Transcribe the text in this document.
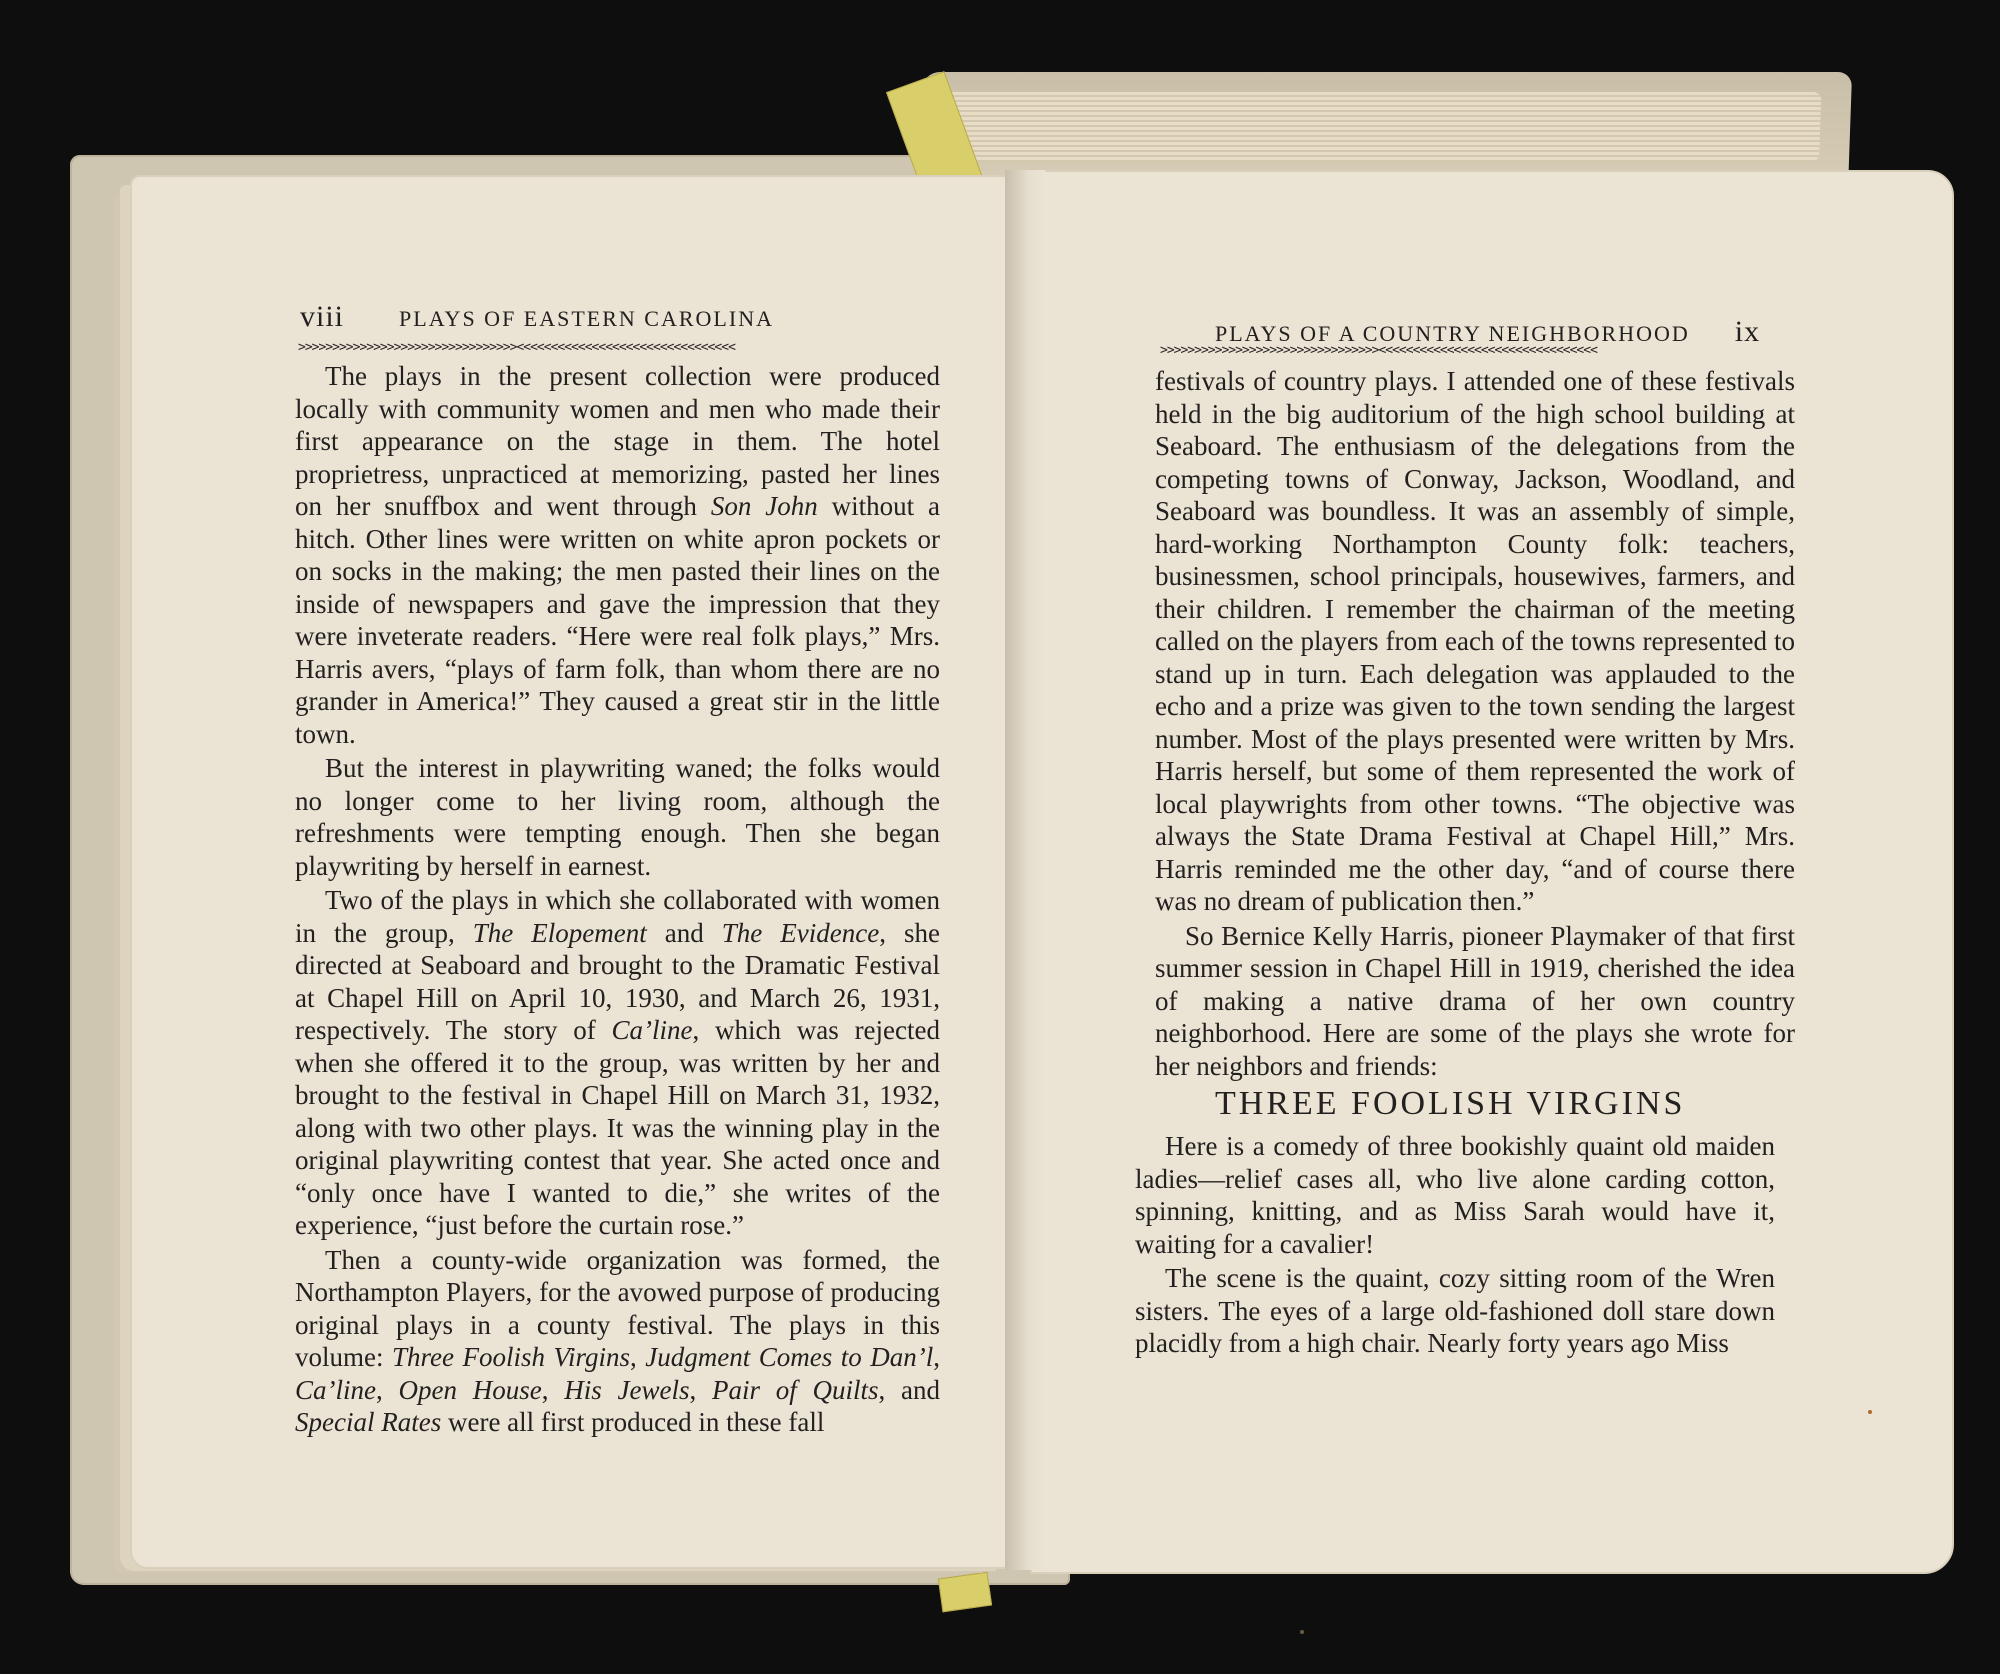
viii	PLAYS OF EASTERN CAROLINA
>>>>>>>>>>>>>>>>>>>>>>>>>>>>>>>><<<<<<<<<<<<<<<<<<<<<<<<<<<<<<<<

The plays in the present collection were produced locally with community women and men who made their first appearance on the stage in them. The hotel proprietress, unpracticed at memorizing, pasted her lines on her snuffbox and went through Son John without a hitch. Other lines were written on white apron pockets or on socks in the making; the men pasted their lines on the inside of newspapers and gave the impression that they were inveterate readers. “Here were real folk plays,” Mrs. Harris avers, “plays of farm folk, than whom there are no grander in America!” They caused a great stir in the little town.

But the interest in playwriting waned; the folks would no longer come to her living room, although the refreshments were tempting enough. Then she began playwriting by herself in earnest.

Two of the plays in which she collaborated with women in the group, The Elopement and The Evidence, she directed at Seaboard and brought to the Dramatic Festival at Chapel Hill on April 10, 1930, and March 26, 1931, respectively. The story of Ca’line, which was rejected when she offered it to the group, was written by her and brought to the festival in Chapel Hill on March 31, 1932, along with two other plays. It was the winning play in the original playwriting contest that year. She acted once and “only once have I wanted to die,” she writes of the experience, “just before the curtain rose.”

Then a county-wide organization was formed, the Northampton Players, for the avowed purpose of producing original plays in a county festival. The plays in this volume: Three Foolish Virgins, Judgment Comes to Dan’l, Ca’line, Open House, His Jewels, Pair of Quilts, and Special Rates were all first produced in these fall

PLAYS OF A COUNTRY NEIGHBORHOOD ix
>>>>>>>>>>>>>>>>>>>>>>>>>>>>>>>><<<<<<<<<<<<<<<<<<<<<<<<<<<<<<<<

festivals of country plays. I attended one of these festivals held in the big auditorium of the high school building at Seaboard. The enthusiasm of the delegations from the competing towns of Conway, Jackson, Woodland, and Seaboard was boundless. It was an assembly of simple, hard-working Northampton County folk: teachers, businessmen, school principals, housewives, farmers, and their children. I remember the chairman of the meeting called on the players from each of the towns represented to stand up in turn. Each delegation was applauded to the echo and a prize was given to the town sending the largest number. Most of the plays presented were written by Mrs. Harris herself, but some of them represented the work of local playwrights from other towns. “The objective was always the State Drama Festival at Chapel Hill,” Mrs. Harris reminded me the other day, “and of course there was no dream of publication then.”

So Bernice Kelly Harris, pioneer Playmaker of that first summer session in Chapel Hill in 1919, cherished the idea of making a native drama of her own country neighborhood. Here are some of the plays she wrote for her neighbors and friends:

THREE FOOLISH VIRGINS

Here is a comedy of three bookishly quaint old maiden ladies—relief cases all, who live alone carding cotton, spinning, knitting, and as Miss Sarah would have it, waiting for a cavalier!

The scene is the quaint, cozy sitting room of the Wren sisters. The eyes of a large old-fashioned doll stare down placidly from a high chair. Nearly forty years ago Miss
